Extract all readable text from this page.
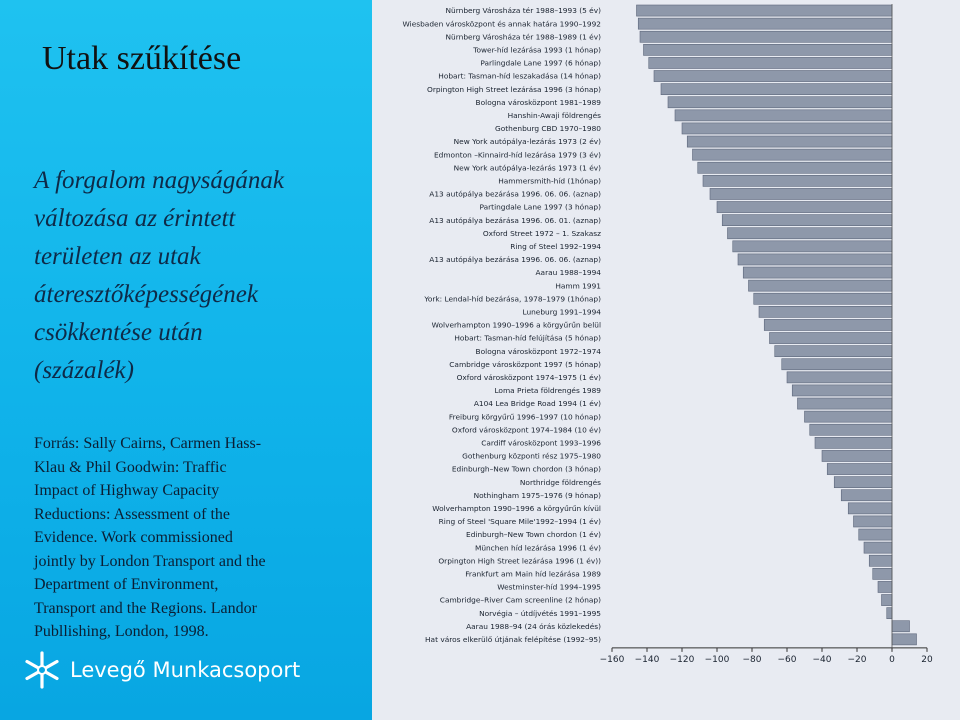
Utak szűkítése
A forgalom nagyságának
változása az érintett
területen az utak
áteresztőképességének
csökkentése után
(százalék)
Forrás: Sally Cairns, Carmen Hass-
Klau & Phil Goodwin: Traffic
Impact of Highway Capacity
Reductions: Assessment of the
Evidence. Work commissioned
jointly by London Transport and the
Department of Environment,
Transport and the Regions. Landor
Publlishing, London, 1998.
Levegő Munkacsoport
Nürnberg Városháza tér 1988–1993 (5 év)
Wiesbaden városközpont és annak határa 1990–1992
Nürnberg Városháza tér 1988–1989 (1 év)
Tower-híd lezárása 1993 (1 hónap)
Parlingdale Lane 1997 (6 hónap)
Hobart: Tasman-híd leszakadása (14 hónap)
Orpington High Street lezárása 1996 (3 hónap)
Bologna városközpont 1981–1989
Hanshin-Awaji földrengés
Gothenburg CBD 1970–1980
New York autópálya-lezárás 1973 (2 év)
Edmonton –Kinnaird-híd lezárása 1979 (3 év)
New York autópálya-lezárás 1973 (1 év)
Hammersmith-híd (1hónap)
A13 autópálya bezárása 1996. 06. 06. (aznap)
Partingdale Lane 1997 (3 hónap)
A13 autópálya bezárása 1996. 06. 01. (aznap)
Oxford Street 1972 – 1. Szakasz
Ring of Steel 1992–1994
A13 autópálya bezárása 1996. 06. 06. (aznap)
Aarau 1988–1994
Hamm 1991
York: Lendal-híd bezárása, 1978–1979 (1hónap)
Luneburg 1991–1994
Wolverhampton 1990–1996 a körgyűrűn belül
Hobart: Tasman-híd felújítása (5 hónap)
Bologna városközpont 1972–1974
Cambridge városközpont 1997 (5 hónap)
Oxford városközpont 1974–1975 (1 év)
Loma Prieta földrengés 1989
A104 Lea Bridge Road 1994 (1 év)
Freiburg körgyűrű 1996–1997 (10 hónap)
Oxford városközpont 1974–1984 (10 év)
Cardiff városközpont 1993–1996
Gothenburg központi rész 1975–1980
Edinburgh–New Town chordon (3 hónap)
Northridge földrengés
Nothingham 1975–1976 (9 hónap)
Wolverhampton 1990–1996 a körgyűrűn kívül
Ring of Steel 'Square Mile'1992–1994 (1 év)
Edinburgh–New Town chordon (1 év)
München híd lezárása 1996 (1 év)
Orpington High Street lezárása 1996 (1 év))
Frankfurt am Main híd lezárása 1989
Westminster-híd 1994–1995
Cambridge–River Cam screenline (2 hónap)
Norvégia – útdíjvétés 1991–1995
Aarau 1988–94 (24 órás közlekedés)
Hat város elkerülő útjának felépítése (1992–95)
−160 −140 −120 −100 −80 −60 −40 −20	0	20
